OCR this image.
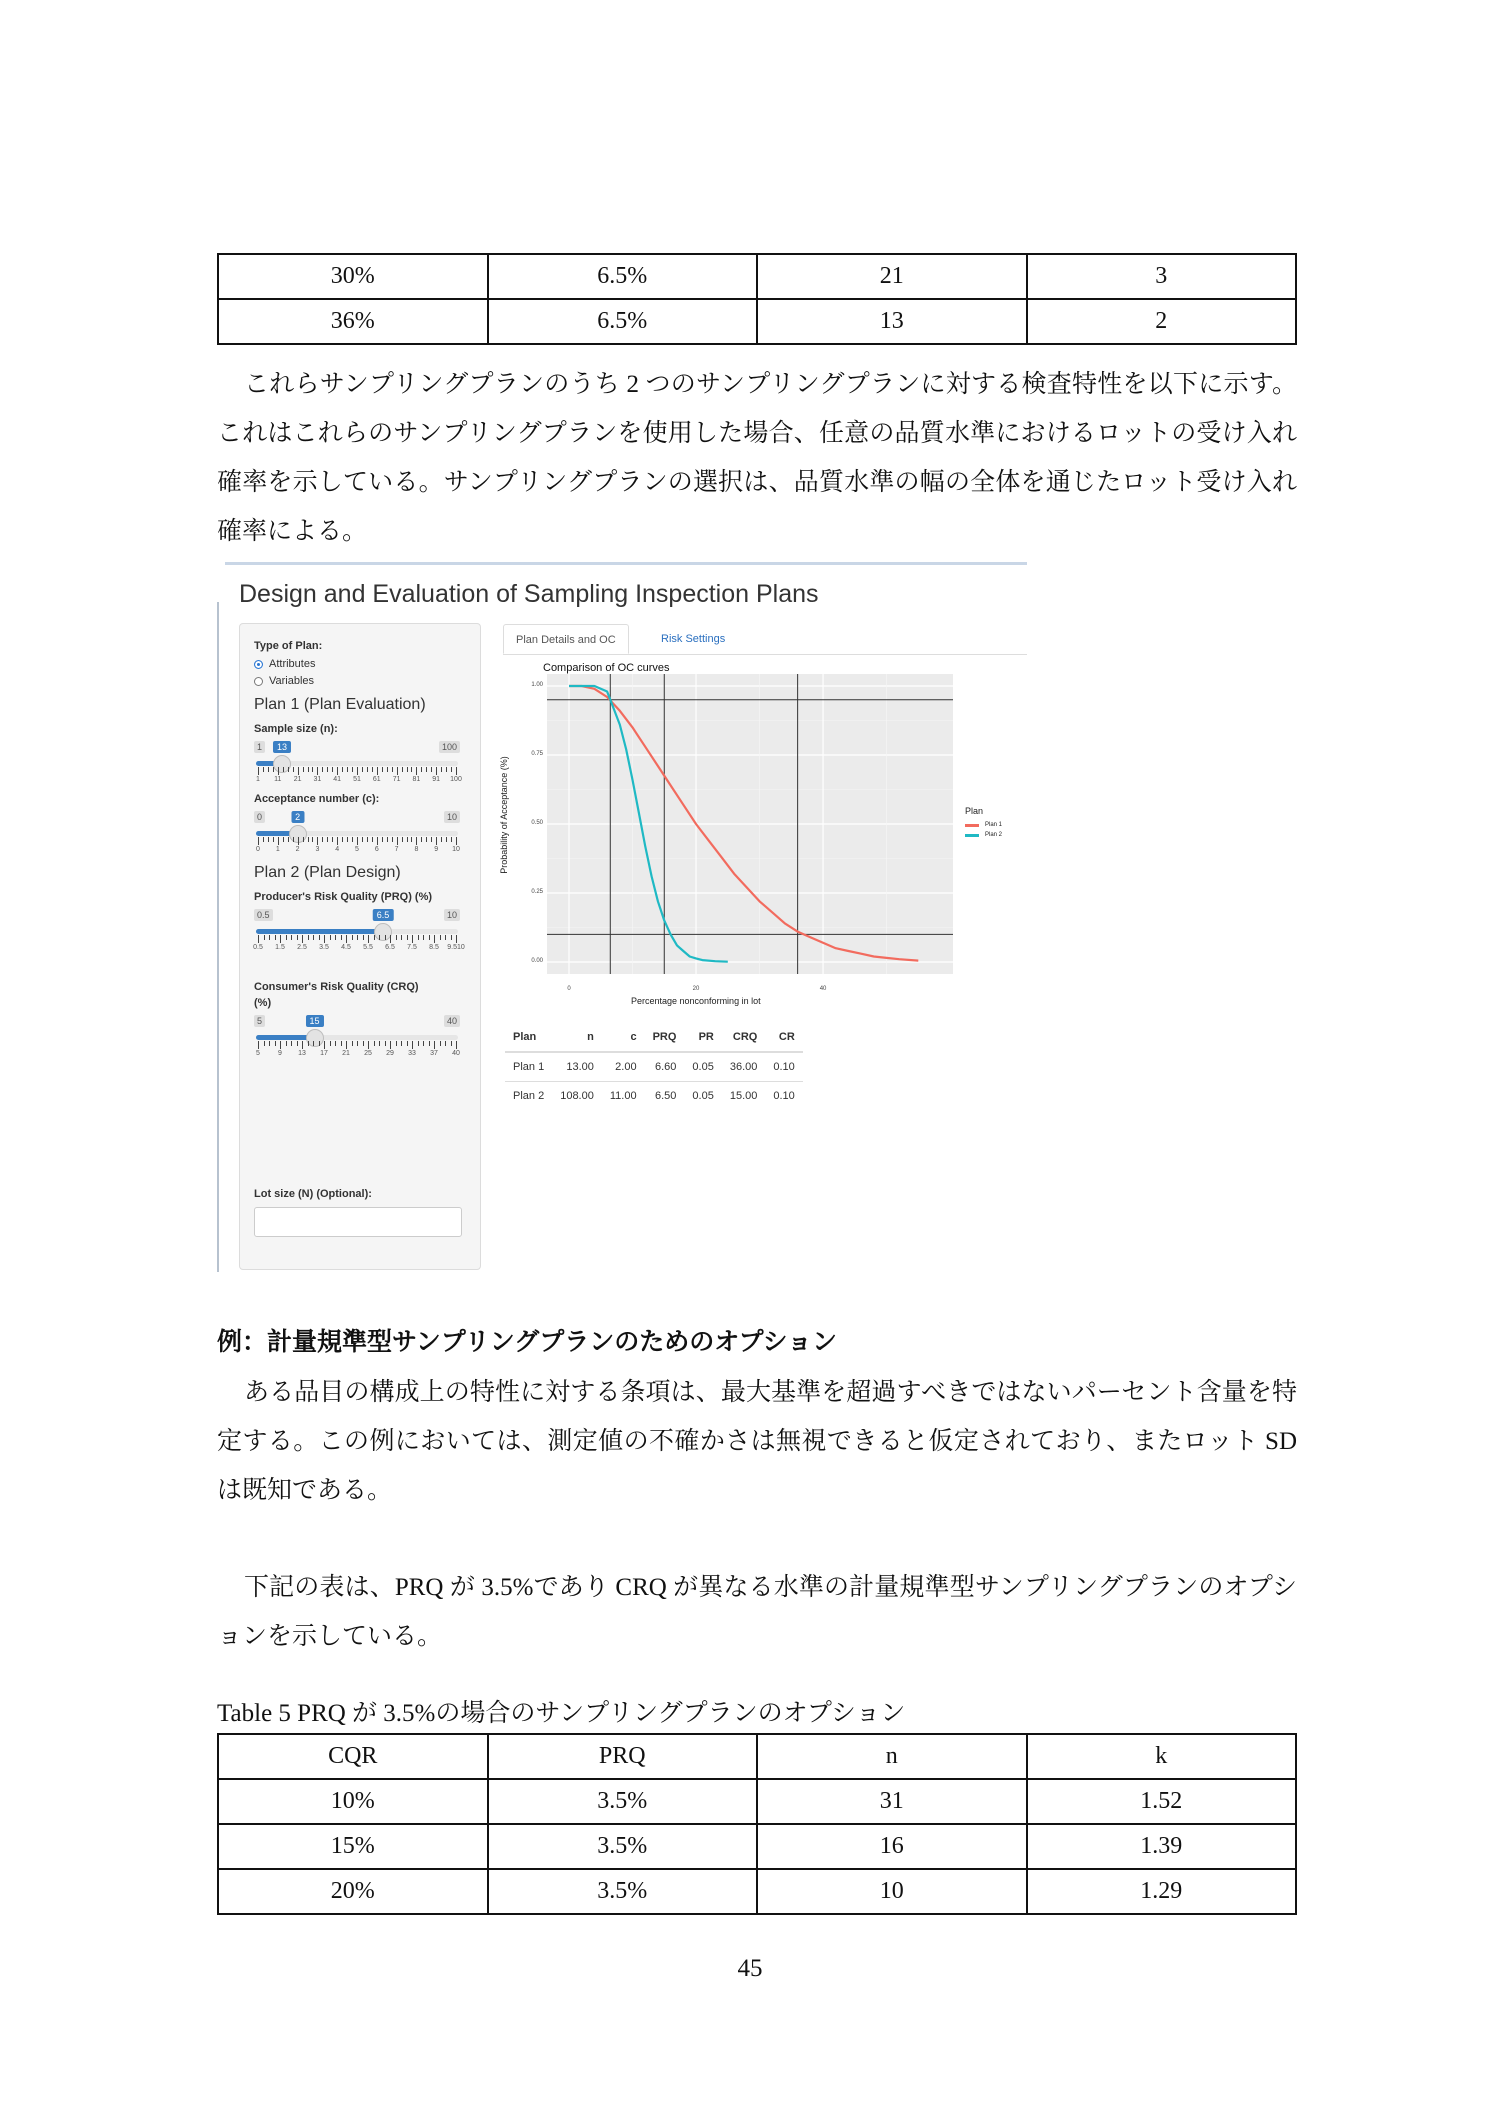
30%	6.5%	21	3
36%	6.5%	13	2

これらサンプリングプランのうち 2 つのサンプリングプランに対する検査特性を以下に示す。これはこれらのサンプリングプランを使用した場合、任意の品質水準におけるロットの受け入れ確率を示している。サンプリングプランの選択は、品質水準の幅の全体を通じたロット受け入れ確率による。

Design and Evaluation of Sampling Inspection Plans
Type of Plan:
Attributes
Variables
Plan 1 (Plan Evaluation)
Sample size (n):
1	100
13
1 11 21 31 41 51 61 71 81 91 100
Acceptance number (c):
0	10
2
0 1 2 3 4 5 6 7 8 9 10
Plan 2 (Plan Design)
Producer's Risk Quality (PRQ) (%)
0.5	10
6.5
0.5 1.5 2.5 3.5 4.5 5.5 6.5 7.5 8.5 9.510
Consumer's Risk Quality (CRQ)
(%)
5	40
15
5	9 13 17 21 25 29 33 37 40
Lot size (N) (Optional):
Plan Details and OC	Risk Settings
Comparison of OC curves
Probability of Acceptance (%)
Percentage nonconforming in lot
Plan
Plan 1
Plan 2
Plan	n	c	PRQ	PR	CRQ	CR
Plan 1	13.00	2.00	6.60	0.05	36.00	0.10
Plan 2	108.00	11.00	6.50	0.05	15.00	0.10
0.00
0.25
0.50
0.75
1.00
0	20	40
例：計量規準型サンプリングプランのためのオプション

ある品目の構成上の特性に対する条項は、最大基準を超過すべきではないパーセント含量を特定する。この例においては、測定値の不確かさは無視できると仮定されており、またロット SD は既知である。

下記の表は、PRQ が 3.5%であり CRQ が異なる水準の計量規準型サンプリングプランのオプションを示している。

Table 5 PRQ が 3.5%の場合のサンプリングプランのオプション
CQR	PRQ	n	k
10%	3.5%	31	1.52
15%	3.5%	16	1.39
20%	3.5%	10	1.29
45
